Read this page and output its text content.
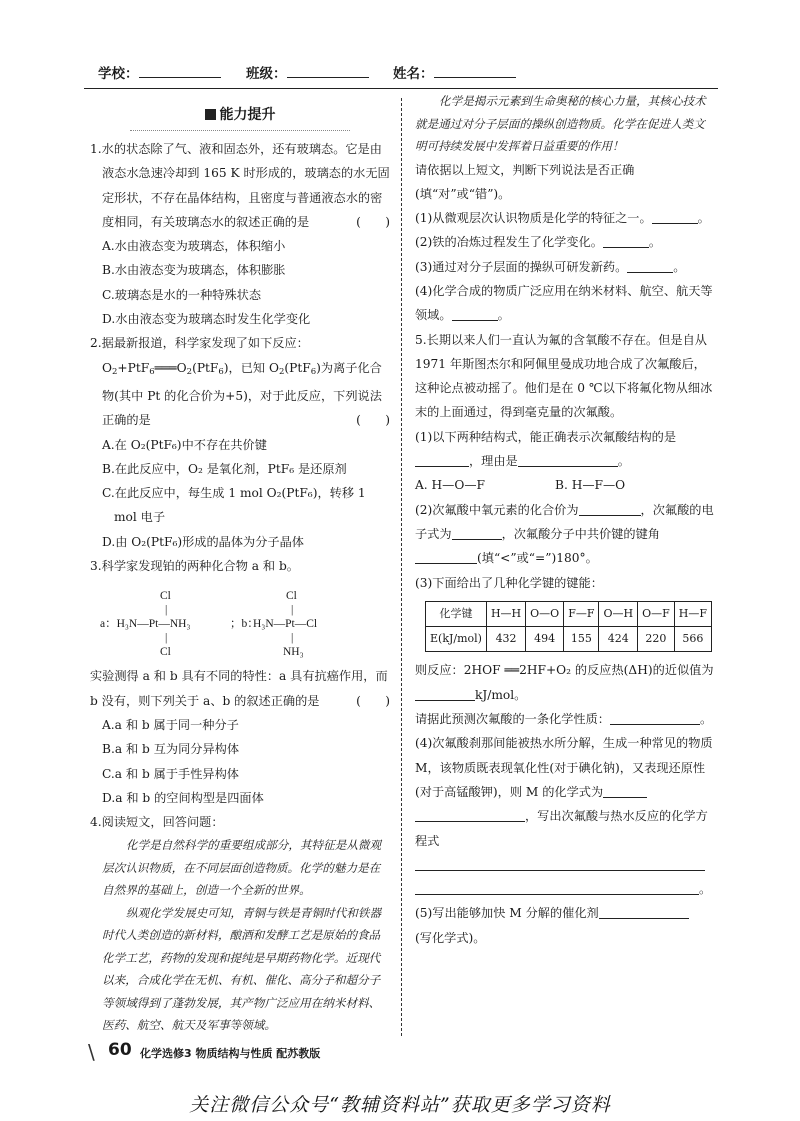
学校：	班级：	姓名：
能力提升

1.水的状态除了气、液和固态外，还有玻璃态。它是由液态水急速冷却到 165 K 时形成的，玻璃态的水无固定形状，不存在晶体结构，且密度与普通液态水的密度相同，有关玻璃态水的叙述正确的是	(　　)

A.水由液态变为玻璃态，体积缩小

B.水由液态变为玻璃态，体积膨胀

C.玻璃态是水的一种特殊状态

D.水由液态变为玻璃态时发生化学变化

2.据最新报道，科学家发现了如下反应：$O_2+PtF_6═══O_2(PtF_6)$，已知 $O_2(PtF_6)$为离子化合物(其中 Pt 的化合价为+5)，对于此反应，下列说法正确的是	(　　)

A.在 O₂(PtF₆)中不存在共价键

B.在此反应中，O₂ 是氧化剂，PtF₆ 是还原剂

C.在此反应中，每生成 1 mol O₂(PtF₆)，转移 1 mol 电子

D.由 O₂(PtF₆)形成的晶体为分子晶体

3.科学家发现铂的两种化合物 a 和 b。

Cl
|
a：H₃N—Pt—NH₃
|
Cl
；b：
Cl
|
H₃N—Pt—Cl
|
NH₃

实验测得 a 和 b 具有不同的特性：a 具有抗癌作用，而 b 没有，则下列关于 a、b 的叙述正确的是	(　　)

A.a 和 b 属于同一种分子

B.a 和 b 互为同分异构体

C.a 和 b 属于手性异构体

D.a 和 b 的空间构型是四面体

4.阅读短文，回答问题：

化学是自然科学的重要组成部分，其特征是从微观层次认识物质，在不同层面创造物质。化学的魅力是在自然界的基础上，创造一个全新的世界。

纵观化学发展史可知，青铜与铁是青铜时代和铁器时代人类创造的新材料，酿酒和发酵工艺是原始的食品化学工艺，药物的发现和提纯是早期药物化学。近现代以来，合成化学在无机、有机、催化、高分子和超分子等领域得到了蓬勃发展，其产物广泛应用在纳米材料、医药、航空、航天及军事等领域。

化学是揭示元素到生命奥秘的核心力量，其核心技术就是通过对分子层面的操纵创造物质。化学在促进人类文明可持续发展中发挥着日益重要的作用！

请依据以上短文，判断下列说法是否正确(填“对”或“错”)。

(1)从微观层次认识物质是化学的特征之一。	。

(2)铁的冶炼过程发生了化学变化。	。

(3)通过对分子层面的操纵可研发新药。	。

(4)化学合成的物质广泛应用在纳米材料、航空、航天等领域。	。

5.长期以来人们一直认为氟的含氧酸不存在。但是自从 1971 年斯图杰尔和阿佩里曼成功地合成了次氟酸后，这种论点被动摇了。他们是在 0 ℃以下将氟化物从细冰末的上面通过，得到毫克量的次氟酸。

(1)以下两种结构式，能正确表示次氟酸结构的是，理由是	。

A. H—O—F	B. H—F—O

(2)次氟酸中氧元素的化合价为	，次氟酸的电子式为	，次氟酸分子中共价键的键角(填“<”或“=”)180°。

(3)下面给出了几种化学键的键能：

化学键	H—H	O—O	F—F	O—H	O—F	H—F
E(kJ/mol)	432	494	155	424	220	566

则反应：2HOF ══2HF+O₂ 的反应热(ΔH)的近似值为kJ/mol。

请据此预测次氟酸的一条化学性质：	。

(4)次氟酸刹那间能被热水所分解，生成一种常见的物质 M，该物质既表现氧化性(对于碘化钠)，又表现还原性(对于高锰酸钾)，则 M 的化学式为
，写出次氟酸与热水反应的化学方程式

。

(5)写出能够加快 M 分解的催化剂
(写化学式)。

\ 60 化学选修3 物质结构与性质 配苏教版
关注微信公众号“教辅资料站”获取更多学习资料
